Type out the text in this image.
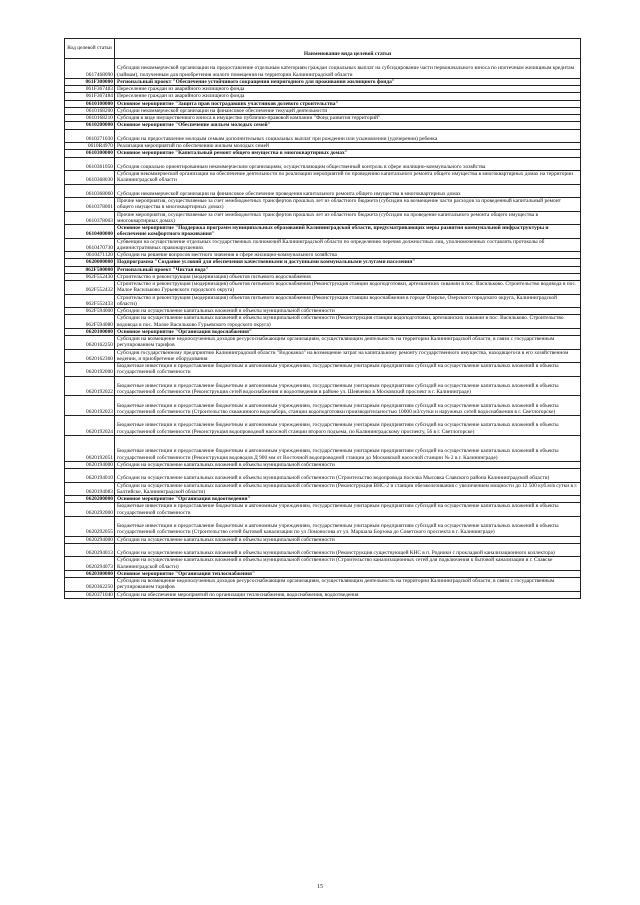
Код целевой статьи	Наименование вида целевой статьи
0617468090	Субсидии некоммерческой организации на предоставление отдельным категориям граждан социальных выплат на субсидирование части первоначального взноса по ипотечным жилищным кредитам (займам), полученным для приобретения жилого помещения на территории Калининградской области
061F300000	Региональный проект "Обеспечение устойчивого сокращения непригодного для проживания жилищного фонда"
061F367483	Переселение граждан из аварийного жилищного фонда
061F367484	Переселение граждан из аварийного жилищного фонда
0610100000	Основное мероприятие "Защита прав пострадавших участников долевого строительства"
0610168200	Субсидии некоммерческой организации на финансовое обеспечение текущей деятельности
0610168210	Субсидия в виде имущественного взноса в имущество публично-правовой компании "Фонд развития территорий"
0610200000	Основное мероприятие "Обеспечение жильем молодых семей"
0610271030	Субсидии на предоставление молодым семьям дополнительных социальных выплат при рождении или усыновлении (удочерении) ребенка
0610R4970	Реализация мероприятий по обеспечению жильем молодых семей
0610300000	Основное мероприятие "Капитальный ремонт общего имущества в многоквартирных домах"
0610361050	Субсидия социально ориентированным некоммерческим организациям, осуществляющим общественный контроль в сфере жилищно-коммунального хозяйства
0610368030	Субсидия некоммерческой организации на обеспечение деятельности по реализации мероприятий по проведению капитального ремонта общего имущества в многоквартирных домах на территории Калининградской области
0610368060	Субсидии некоммерческой организации на финансовое обеспечение проведения капитального ремонта общего имущества в многоквартирных домах
0610378001	Прочие мероприятия, осуществляемые за счет межбюджетных трансфертов прошлых лет из областного бюджета (субсидии на возмещение части расходов за проведенный капитальный ремонт общего имущества в многоквартирных домах)
0610378003	Прочие мероприятия, осуществляемые за счет межбюджетных трансфертов прошлых лет из областного бюджета (субсидии на проведение капитального ремонта общего имущества в многоквартирных домах)
0610400000	Основное мероприятие "Поддержка программ муниципальных образований Калининградской области, предусматривающих меры развития коммунальной инфраструктуры и обеспечение комфортного проживания"
0610470730	Субвенции на осуществление отдельных государственных полномочий Калининградской области по определению перечня должностных лиц, уполномоченных составлять протоколы об административных правонарушениях
0610471120	Субсидии на решение вопросов местного значения в сфере жилищно-коммунального хозяйства
0620000000	Подпрограмма "Создание условий для обеспечения качественными и доступными коммунальными услугами населения"
062F500000	Региональный проект "Чистая вода"
062F552430	Строительство и реконструкция (модернизация) объектов питьевого водоснабжения
062F552432	Строительство и реконструкция (модернизация) объектов питьевого водоснабжения (Реконструкция станции водоподготовки, артезианских скважин в пос. Васильково. Строительство водовода в пос. Малое Васильково Гурьевского городского округа)
062F552433	Строительство и реконструкция (модернизация) объектов питьевого водоснабжения (Реконструкция станции водоснабжения в городе Озерске, Озерского городского округа, Калининградской области)
062F594000	Субсидии на осуществление капитальных вложений в объекты муниципальной собственности
062F594080	Субсидии на осуществление капитальных вложений в объекты муниципальной собственности (Реконструкция станции водоподготовки, артезианских скважин в пос. Васильково. Строительство водовода в пос. Малое Васильково Гурьевского городского округа)
0620100000	Основное мероприятие "Организация водоснабжения"
0620162250	Субсидии на возмещение недополученных доходов ресурсоснабжающим организациям, осуществляющим деятельность на территории Калининградской области, в связи с государственным регулированием тарифов
0620162360	Субсидия государственному предприятию Калининградской области "Водоканал" на возмещение затрат на капитальному ремонту государственного имущества, находящегося в его хозяйственном ведении, и приобретение оборудования
0620192000	Бюджетные инвестиции и предоставление бюджетным и автономным учреждениям, государственным унитарным предприятиям субсидий на осуществление капитальных вложений в объекты государственной собственности
0620192022	Бюджетные инвестиции и предоставление бюджетным и автономным учреждениям, государственным унитарным предприятиям субсидий на осуществление капитальных вложений в объекты государственной собственности (Реконструкция сетей водоснабжения и водоотведения в районе ул. Шевченко в Московский проспект в г. Калининграде)
0620192023	Бюджетные инвестиции и предоставление бюджетным и автономным учреждениям, государственным унитарным предприятиям субсидий на осуществление капитальных вложений в объекты государственной собственности (Строительство скважинного водозабора, станции водоподготовки производительностью 10000 м3/сутки и наружных сетей водоснабжения в г. Светлогорске)
0620192024	Бюджетные инвестиции и предоставление бюджетным и автономным учреждениям, государственным унитарным предприятиям субсидий на осуществление капитальных вложений в объекты государственной собственности (Реконструкция водопроводной насосной станции второго подъема, по Калининградскому проспекту, 56 в г. Светлогорске)
0620192051	Бюджетные инвестиции и предоставление бюджетным и автономным учреждениям, государственным унитарным предприятиям субсидий на осуществление капитальных вложений в объекты государственной собственности (Реконструкция водоводов Д 900 мм от Восточной водопроводной станции до Московской насосной станции № 2 в г. Калининграде)
0620194000	Субсидии на осуществление капитальных вложений в объекты муниципальной собственности
0620194010	Субсидии на осуществление капитальных вложений в объекты муниципальной собственности (Строительство водопровода поселка Мысовка Славского района Калининградской области)
0620194083	Субсидии на осуществление капитальных вложений в объекты муниципальной собственности (Реконструкция ВНС-2 и станции обезжелезивания с увеличением мощности до 12 500 куб.м/в сутки в г. Балтийске, Калининградской области)
0620200000	Основное мероприятие "Организация водоотведения"
0620292000	Бюджетные инвестиции и предоставление бюджетным и автономным учреждениям, государственным унитарным предприятиям субсидий на осуществление капитальных вложений в объекты государственной собственности
0620292055	Бюджетные инвестиции и предоставление бюджетным и автономным учреждениям, государственным унитарным предприятиям субсидий на осуществление капитальных вложений в объекты государственной собственности (Строительство сетей бытовой канализации по ул Ломоносова от ул. Маршала Борзова до Советского проспекта в г. Калининграде)
0620294000	Субсидии на осуществление капитальных вложений в объекты муниципальной собственности
0620294013	Субсидии на осуществление капитальных вложений в объекты муниципальной собственности (Реконструкция существующей КНС в п. Родники с прокладкой канализационного коллектора)
0620294073	Субсидии на осуществление капитальных вложений в объекты муниципальной собственности (Строительство канализационных сетей для подключения к бытовой канализации в г. Славске Калининградской области)
0620300000	Основное мероприятие "Организация теплоснабжения"
0620362250	Субсидии на возмещение недополученных доходов ресурсоснабжающим организациям, осуществляющим деятельность на территории Калининградской области, в связи с государственным регулированием тарифов
0620371040	Субсидии на обеспечение мероприятий по организации теплоснабжения, водоснабжения, водоотведения
15
